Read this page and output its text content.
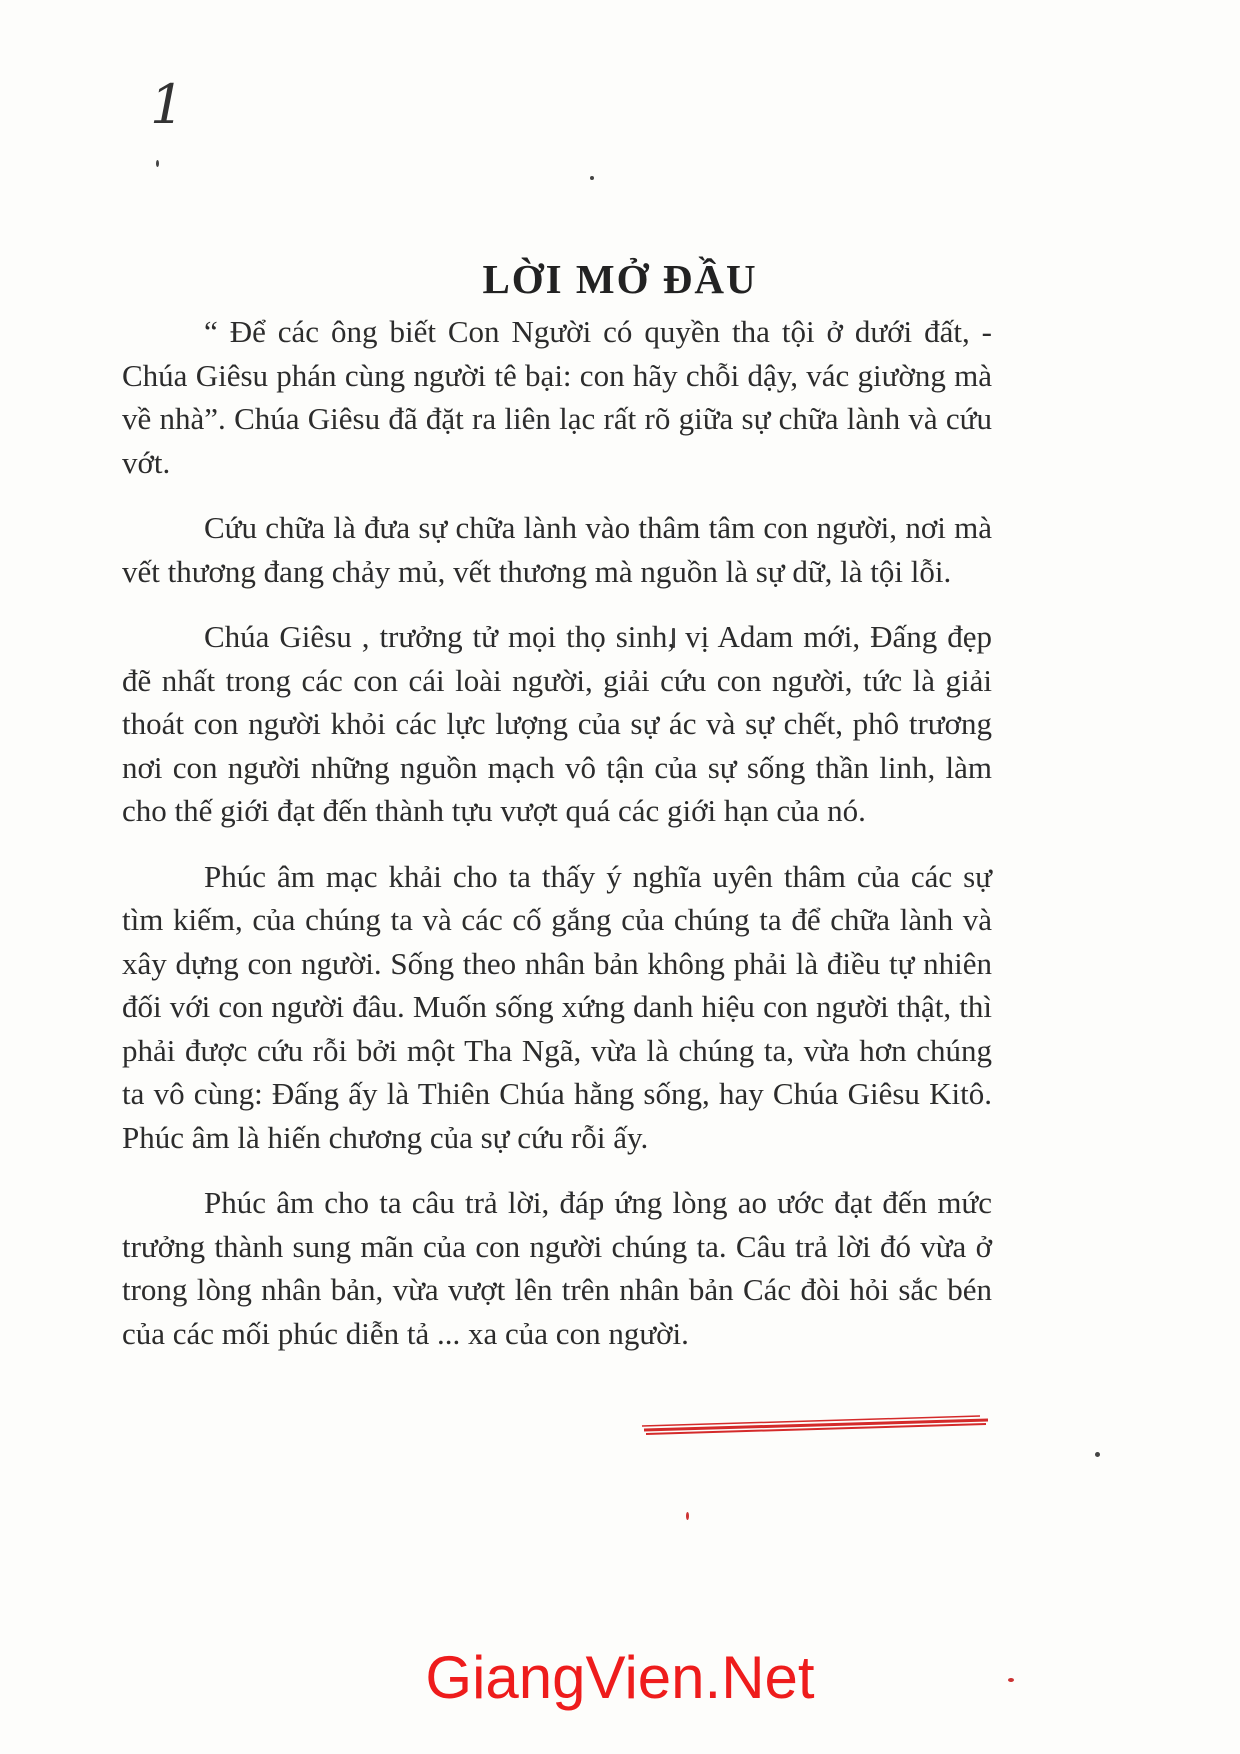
1
LỜI MỞ ĐẦU

“ Để các ông biết Con Người có quyền tha tội ở dưới đất, - Chúa Giêsu phán cùng người tê bại: con hãy chỗi dậy, vác giường mà về nhà”. Chúa Giêsu đã đặt ra liên lạc rất rõ giữa sự chữa lành và cứu vớt.

Cứu chữa là đưa sự chữa lành vào thâm tâm con người, nơi mà vết thương đang chảy mủ, vết thương mà nguồn là sự dữ, là tội lỗi.

Chúa Giêsu , trưởng tử mọi thọ sinh, vị Adam mới, Đấng đẹp đẽ nhất trong các con cái loài người, giải cứu con người, tức là giải thoát con người khỏi các lực lượng của sự ác và sự chết, phô trương nơi con người những nguồn mạch vô tận của sự sống thần linh, làm cho thế giới đạt đến thành tựu vượt quá các giới hạn của nó.

Phúc âm mạc khải cho ta thấy ý nghĩa uyên thâm của các sự tìm kiếm, của chúng ta và các cố gắng của chúng ta để chữa lành và xây dựng con người. Sống theo nhân bản không phải là điều tự nhiên đối với con người đâu. Muốn sống xứng danh hiệu con người thật, thì phải được cứu rỗi bởi một Tha Ngã, vừa là chúng ta, vừa hơn chúng ta vô cùng: Đấng ấy là Thiên Chúa hằng sống, hay Chúa Giêsu Kitô. Phúc âm là hiến chương của sự cứu rỗi ấy.

Phúc âm cho ta câu trả lời, đáp ứng lòng ao ước đạt đến mức trưởng thành sung mãn của con người chúng ta. Câu trả lời đó vừa ở trong lòng nhân bản, vừa vượt lên trên nhân bản Các đòi hỏi sắc bén của các mối phúc diễn tả ... xa của con người.

GiangVien.Net
